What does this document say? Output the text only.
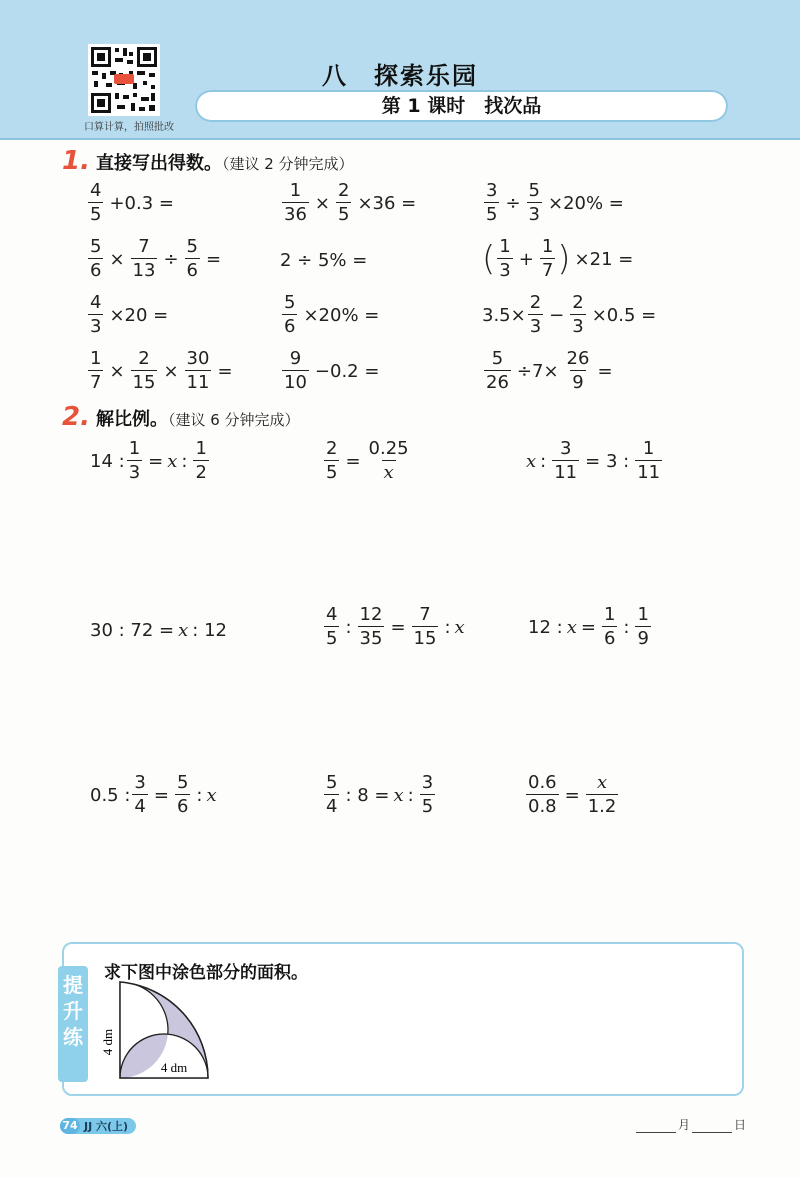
口算计算，拍照批改
八　探索乐园
第 1 课时　找次品
1. 直接写出得数。（建议 2 分钟完成）
$\frac{4}{5} +0.3$ =	$\frac{1}{36} \times \frac{2}{5} \times 36$ =	$\frac{3}{5} \div \frac{5}{3} \times 20\%$ =
$\frac{5}{6} \times \frac{7}{13} \div \frac{5}{6}$ =	2 ÷ 5% =	( $\frac{1}{3} + \frac{1}{7}$ ) ×21 =
$\frac{4}{3} \times 20$ =	$\frac{5}{6} \times 20\%$ =	$3.5\times \frac{2}{3} - \frac{2}{3} \times 0.5$ =
$\frac{1}{7} \times \frac{2}{15} \times \frac{30}{11}$ =	$\frac{9}{10} -0.2$ =	$\frac{5}{26} \div 7\times \frac{26}{9}$ =
2. 解比例。（建议 6 分钟完成）
14 : $\frac{1}{3} = x$ : $\frac{1}{2}$	$\frac{2}{5} = \frac{0.25}{x}$	x : $\frac{3}{11} = 3$ : $\frac{1}{11}$
30 : 72 = x : 12	$\frac{4}{5}$ : $\frac{12}{35} = \frac{7}{15}$ : x	12 : $x = \frac{1}{6}$ : $\frac{1}{9}$
0.5 : $\frac{3}{4} = \frac{5}{6}$ : x	$\frac{5}{4}$ : 8 = x : $\frac{3}{5}$	$\frac{0.6}{0.8} = \frac{x}{1.2}$
提升练
求下图中涂色部分的面积。
4 dm
4 dm
74 JJ 六(上)	月	日
